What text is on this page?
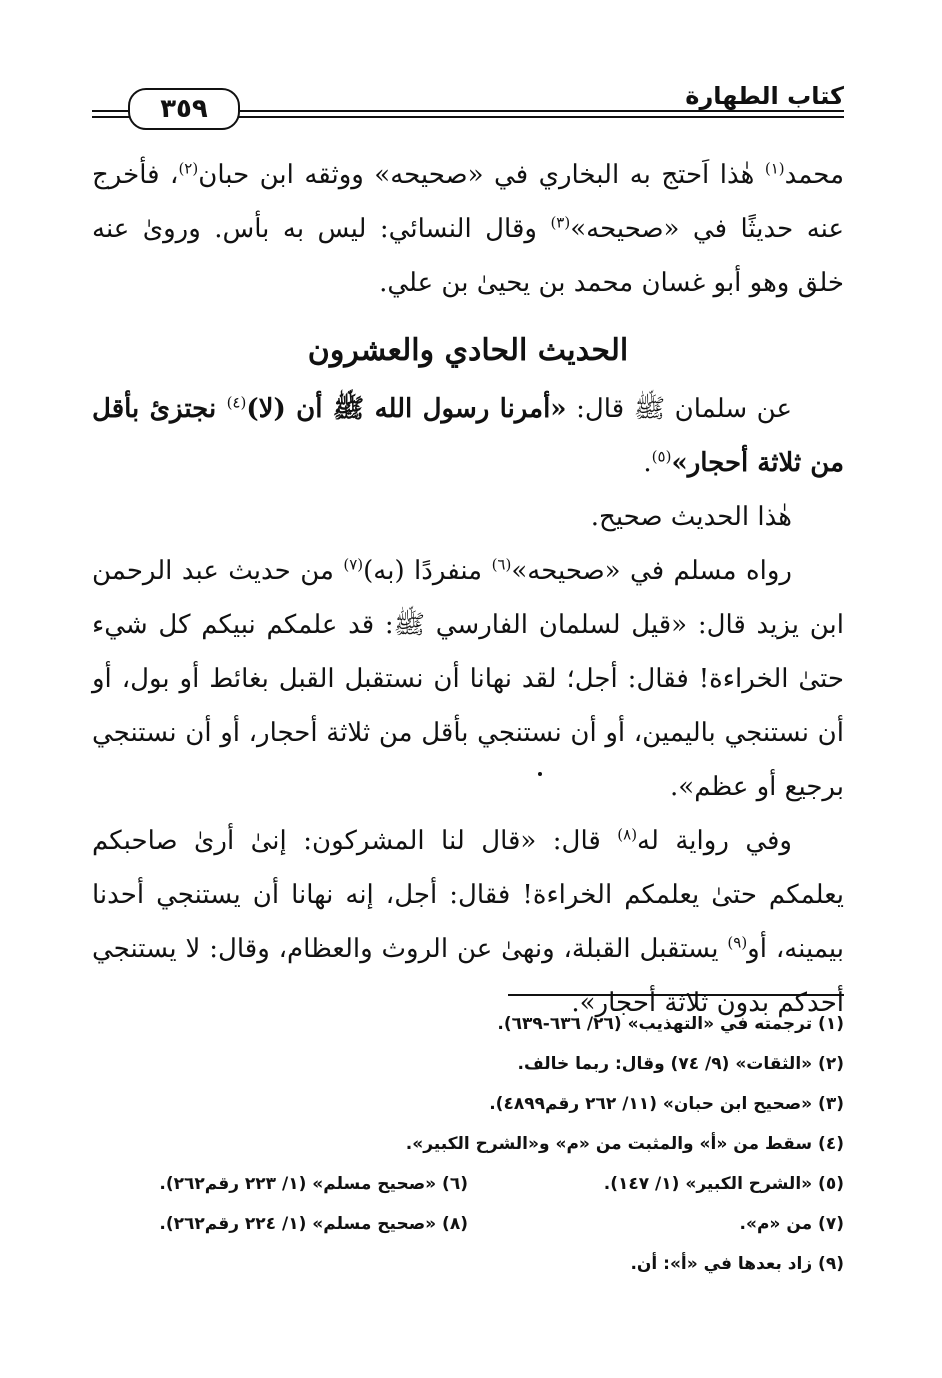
كتاب الطهارة
٣٥٩

محمد$^{(١)}$ هٰذا اَحتج به البخاري في «صحيحه» ووثقه ابن حبان$^{(٢)}$، فأخرج عنه حديثًا في «صحيحه»$^{(٣)}$ وقال النسائي: ليس به بأس. وروىٰ عنه خلق وهو أبو غسان محمد بن يحيىٰ بن علي.

الحديث الحادي والعشرون

عن سلمان ﷺ قال: «أمرنا رسول الله ﷺ أن (لا)$^{(٤)}$ نجتزئ بأقل من ثلاثة أحجار»$^{(٥)}$.

هٰذا الحديث صحيح.

رواه مسلم في «صحيحه»$^{(٦)}$ منفردًا (به)$^{(٧)}$ من حديث عبد الرحمن ابن يزيد قال: «قيل لسلمان الفارسي ﷺ: قد علمكم نبيكم كل شيء حتىٰ الخراءة! فقال: أجل؛ لقد نهانا أن نستقبل القبل بغائط أو بول، أو أن نستنجي باليمين، أو أن نستنجي بأقل من ثلاثة أحجار، أو أن نستنجي برجيع أو عظم».

وفي رواية له$^{(٨)}$ قال: «قال لنا المشركون: إنىٰ أرىٰ صاحبكم يعلمكم حتىٰ يعلمكم الخراءة! فقال: أجل، إنه نهانا أن يستنجي أحدنا بيمينه، أو$^{(٩)}$ يستقبل القبلة، ونهىٰ عن الروث والعظام، وقال: لا يستنجي أحدكم بدون ثلاثة أحجار».

(١) ترجمته في «التهذيب» (٢٦/ ٦٣٦-٦٣٩).
(٢) «الثقات» (٩/ ٧٤) وقال: ربما خالف.
(٣) «صحيح ابن حبان» (١١/ ٢٦٢ رقم٤٨٩٩).
(٤) سقط من «أ» والمثبت من «م» و«الشرح الكبير».
(٥) «الشرح الكبير» (١/ ١٤٧).
(٦) «صحيح مسلم» (١/ ٢٢٣ رقم٢٦٢).
(٧) من «م».
(٨) «صحيح مسلم» (١/ ٢٢٤ رقم٢٦٢).
(٩) زاد بعدها في «أ»: أن.
